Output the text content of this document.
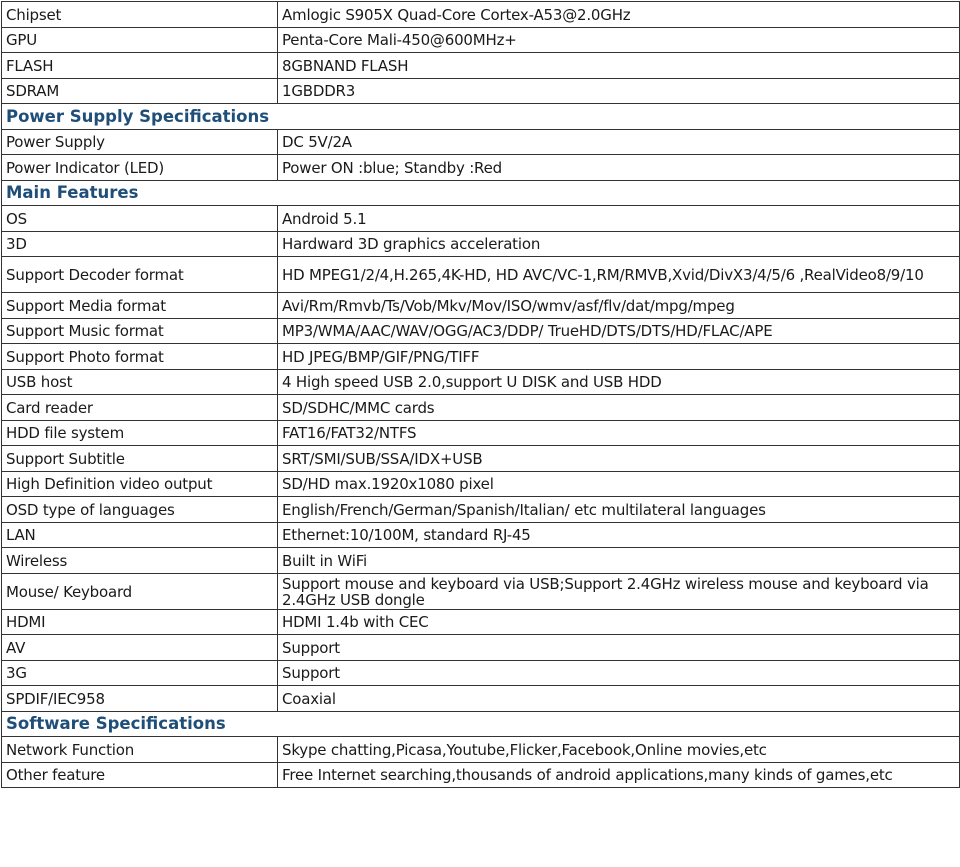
Chipset	Amlogic S905X Quad-Core Cortex-A53@2.0GHz
GPU	Penta-Core Mali-450@600MHz+
FLASH	8GBNAND FLASH
SDRAM	1GBDDR3
Power Supply Specifications	
Power Supply	DC 5V/2A
Power Indicator (LED)	Power ON :blue; Standby :Red
Main Features	
OS	Android 5.1
3D	Hardward 3D graphics acceleration
Support Decoder format	HD MPEG1/2/4,H.265,4K-HD, HD AVC/VC-1,RM/RMVB,Xvid/DivX3/4/5/6 ,RealVideo8/9/10
Support Media format	Avi/Rm/Rmvb/Ts/Vob/Mkv/Mov/ISO/wmv/asf/flv/dat/mpg/mpeg
Support Music format	MP3/WMA/AAC/WAV/OGG/AC3/DDP/ TrueHD/DTS/DTS/HD/FLAC/APE
Support Photo format	HD JPEG/BMP/GIF/PNG/TIFF
USB host	4 High speed USB 2.0,support U DISK and USB HDD
Card reader	SD/SDHC/MMC cards
HDD file system	FAT16/FAT32/NTFS
Support Subtitle	SRT/SMI/SUB/SSA/IDX+USB
High Definition video output	SD/HD max.1920x1080 pixel
OSD type of languages	English/French/German/Spanish/Italian/ etc multilateral languages
LAN	Ethernet:10/100M, standard RJ-45
Wireless	Built in WiFi
Mouse/ Keyboard	Support mouse and keyboard via USB;Support 2.4GHz wireless mouse and keyboard via 2.4GHz USB dongle
HDMI	HDMI 1.4b with CEC
AV	Support
3G	Support
SPDIF/IEC958	Coaxial
Software Specifications	
Network Function	Skype chatting,Picasa,Youtube,Flicker,Facebook,Online movies,etc
Other feature	Free Internet searching,thousands of android applications,many kinds of games,etc
